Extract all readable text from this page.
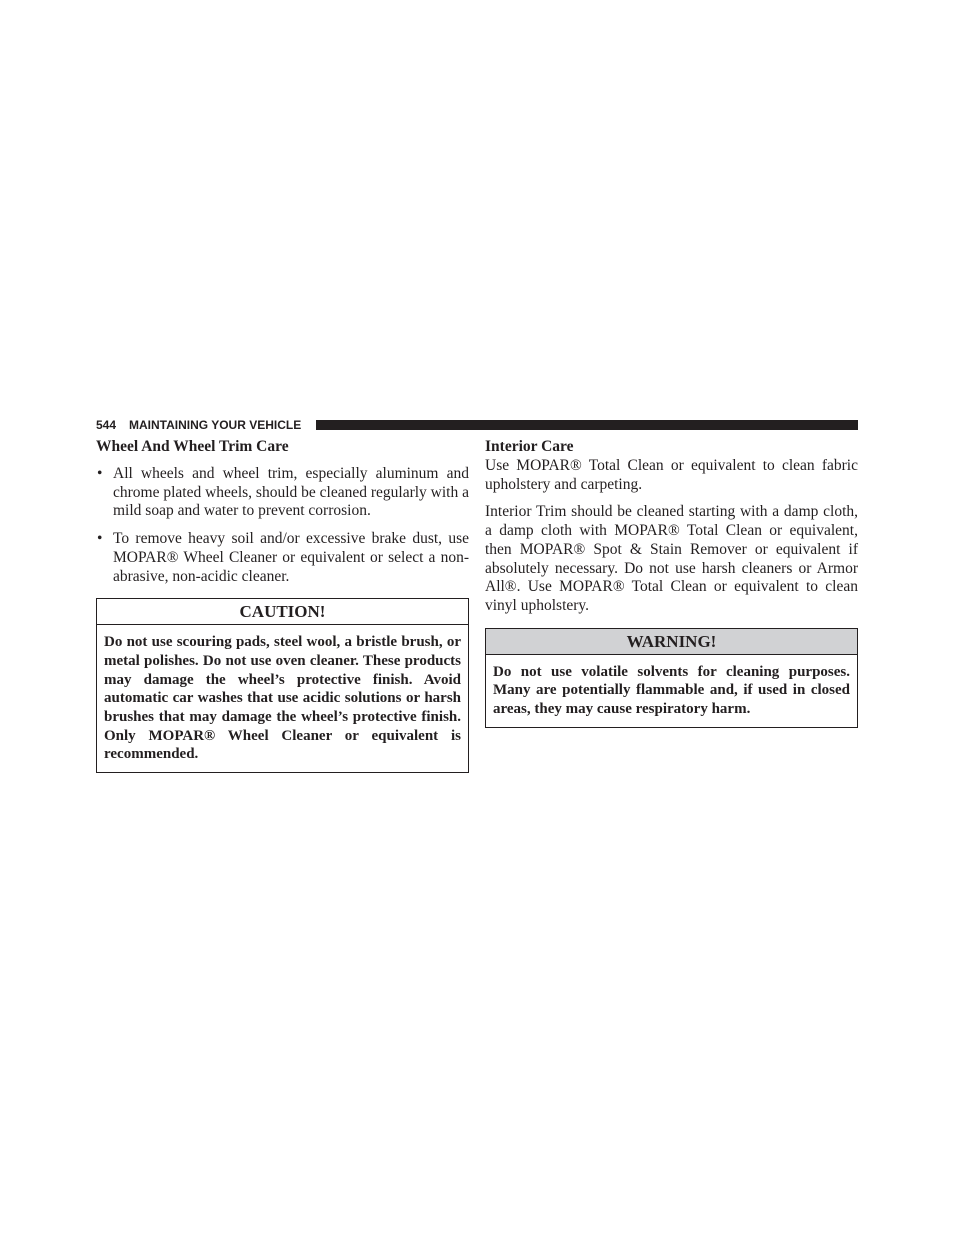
544 MAINTAINING YOUR VEHICLE
Wheel And Wheel Trim Care
• All wheels and wheel trim, especially aluminum and chrome plated wheels, should be cleaned regularly with a mild soap and water to prevent corrosion.
• To remove heavy soil and/or excessive brake dust, use MOPAR® Wheel Cleaner or equivalent or select a non-abrasive, non-acidic cleaner.
CAUTION!
Do not use scouring pads, steel wool, a bristle brush, or metal polishes. Do not use oven cleaner. These products may damage the wheel’s protective finish. Avoid automatic car washes that use acidic solutions or harsh brushes that may damage the wheel’s protective finish. Only MOPAR® Wheel Cleaner or equivalent is recommended.
Interior Care

Use MOPAR® Total Clean or equivalent to clean fabric upholstery and carpeting.

Interior Trim should be cleaned starting with a damp cloth, a damp cloth with MOPAR® Total Clean or equivalent, then MOPAR® Spot & Stain Remover or equivalent if absolutely necessary. Do not use harsh cleaners or Armor All®. Use MOPAR® Total Clean or equivalent to clean vinyl upholstery.

WARNING!
Do not use volatile solvents for cleaning purposes. Many are potentially flammable and, if used in closed areas, they may cause respiratory harm.
